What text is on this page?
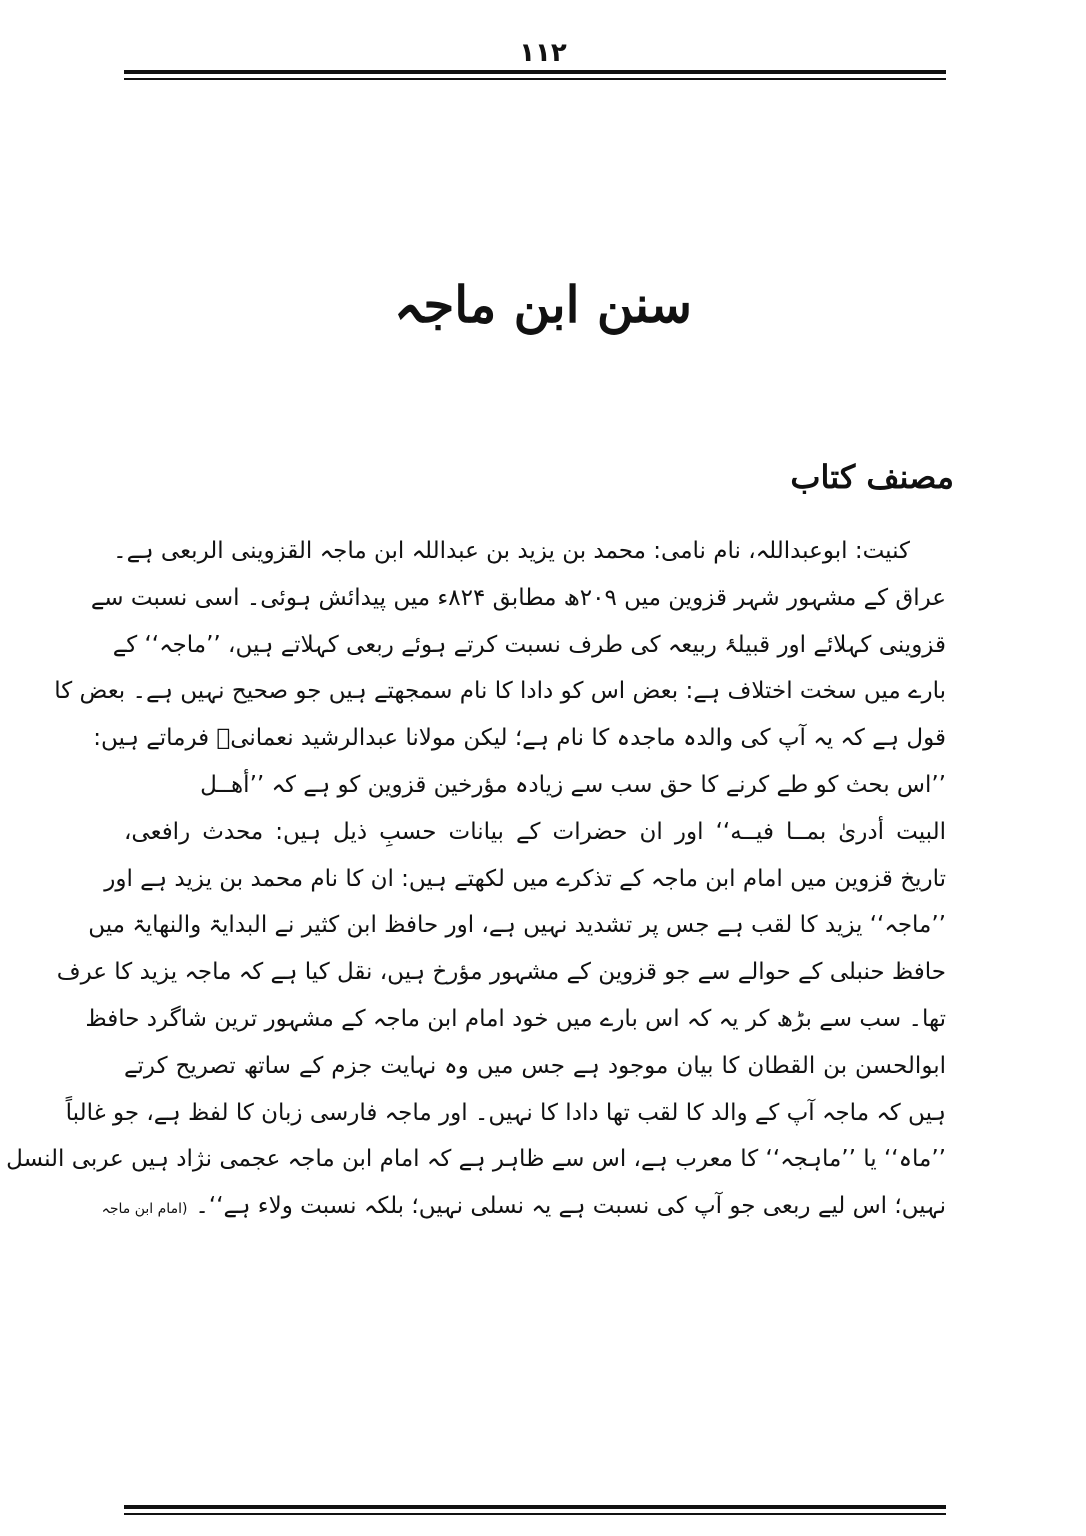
۱۱۲
سنن ابن ماجہ
مصنف کتاب
کنیت: ابوعبداللہ، نام نامی: محمد بن یزید بن عبداللہ ابن ماجہ القزوینی الربعی ہے۔
عراق کے مشہور شہر قزوین میں ۲۰۹ھ مطابق ۸۲۴ء میں پیدائش ہوئی۔ اسی نسبت سے
قزوینی کہلائے اور قبیلۂ ربیعہ کی طرف نسبت کرتے ہوئے ربعی کہلاتے ہیں، ’’ماجہ‘‘ کے
بارے میں سخت اختلاف ہے: بعض اس کو دادا کا نام سمجھتے ہیں جو صحیح نہیں ہے۔ بعض کا
قول ہے کہ یہ آپ کی والدہ ماجدہ کا نام ہے؛ لیکن مولانا عبدالرشید نعمانیؒ فرماتے ہیں:
’’اس بحث کو طے کرنے کا حق سب سے زیادہ مؤرخین قزوین کو ہے کہ ’’أهــل
البیت أدریٰ بمــا فیــه‘‘ اور ان حضرات کے بیانات حسبِ ذیل ہیں: محدث رافعی،
تاریخ قزوین میں امام ابن ماجہ کے تذکرے میں لکھتے ہیں: ان کا نام محمد بن یزید ہے اور
’’ماجہ‘‘ یزید کا لقب ہے جس پر تشدید نہیں ہے، اور حافظ ابن کثیر نے البدایۃ والنھایۃ میں
حافظ حنبلی کے حوالے سے جو قزوین کے مشہور مؤرخ ہیں، نقل کیا ہے کہ ماجہ یزید کا عرف
تھا۔ سب سے بڑھ کر یہ کہ اس بارے میں خود امام ابن ماجہ کے مشہور ترین شاگرد حافظ
ابوالحسن بن القطان کا بیان موجود ہے جس میں وہ نہایت جزم کے ساتھ تصریح کرتے
ہیں کہ ماجہ آپ کے والد کا لقب تھا دادا کا نہیں۔ اور ماجہ فارسی زبان کا لفظ ہے، جو غالباً
’’ماہ‘‘ یا ’’ماہجہ‘‘ کا معرب ہے، اس سے ظاہر ہے کہ امام ابن ماجہ عجمی نژاد ہیں عربی النسل
نہیں؛ اس لیے ربعی جو آپ کی نسبت ہے یہ نسلی نہیں؛ بلکہ نسبت ولاء ہے‘‘۔(امام ابن ماجہ
